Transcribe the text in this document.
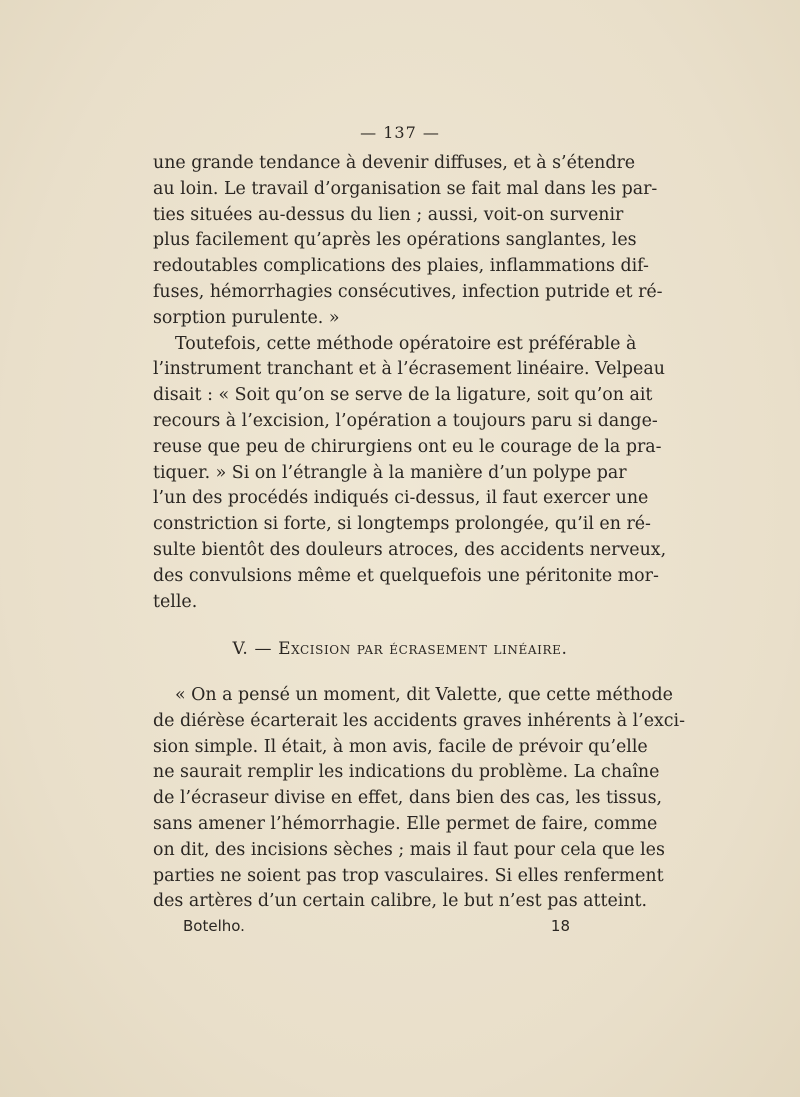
— 137 —
une grande tendance à devenir diffuses, et à s’étendre
au loin. Le travail d’organisation se fait mal dans les par-
ties situées au-dessus du lien ; aussi, voit-on survenir
plus facilement qu’après les opérations sanglantes, les
redoutables complications des plaies, inflammations dif-
fuses, hémorrhagies consécutives, infection putride et ré-
sorption purulente. »
Toutefois, cette méthode opératoire est préférable à
l’instrument tranchant et à l’écrasement linéaire. Velpeau
disait : « Soit qu’on se serve de la ligature, soit qu’on ait
recours à l’excision, l’opération a toujours paru si dange-
reuse que peu de chirurgiens ont eu le courage de la pra-
tiquer. » Si on l’étrangle à la manière d’un polype par
l’un des procédés indiqués ci-dessus, il faut exercer une
constriction si forte, si longtemps prolongée, qu’il en ré-
sulte bientôt des douleurs atroces, des accidents nerveux,
des convulsions même et quelquefois une péritonite mor-
telle.
V. — Excision par écrasement linéaire.
« On a pensé un moment, dit Valette, que cette méthode
de diérèse écarterait les accidents graves inhérents à l’exci-
sion simple. Il était, à mon avis, facile de prévoir qu’elle
ne saurait remplir les indications du problème. La chaîne
de l’écraseur divise en effet, dans bien des cas, les tissus,
sans amener l’hémorrhagie. Elle permet de faire, comme
on dit, des incisions sèches ; mais il faut pour cela que les
parties ne soient pas trop vasculaires. Si elles renferment
des artères d’un certain calibre, le but n’est pas atteint.
Botelho.	18
